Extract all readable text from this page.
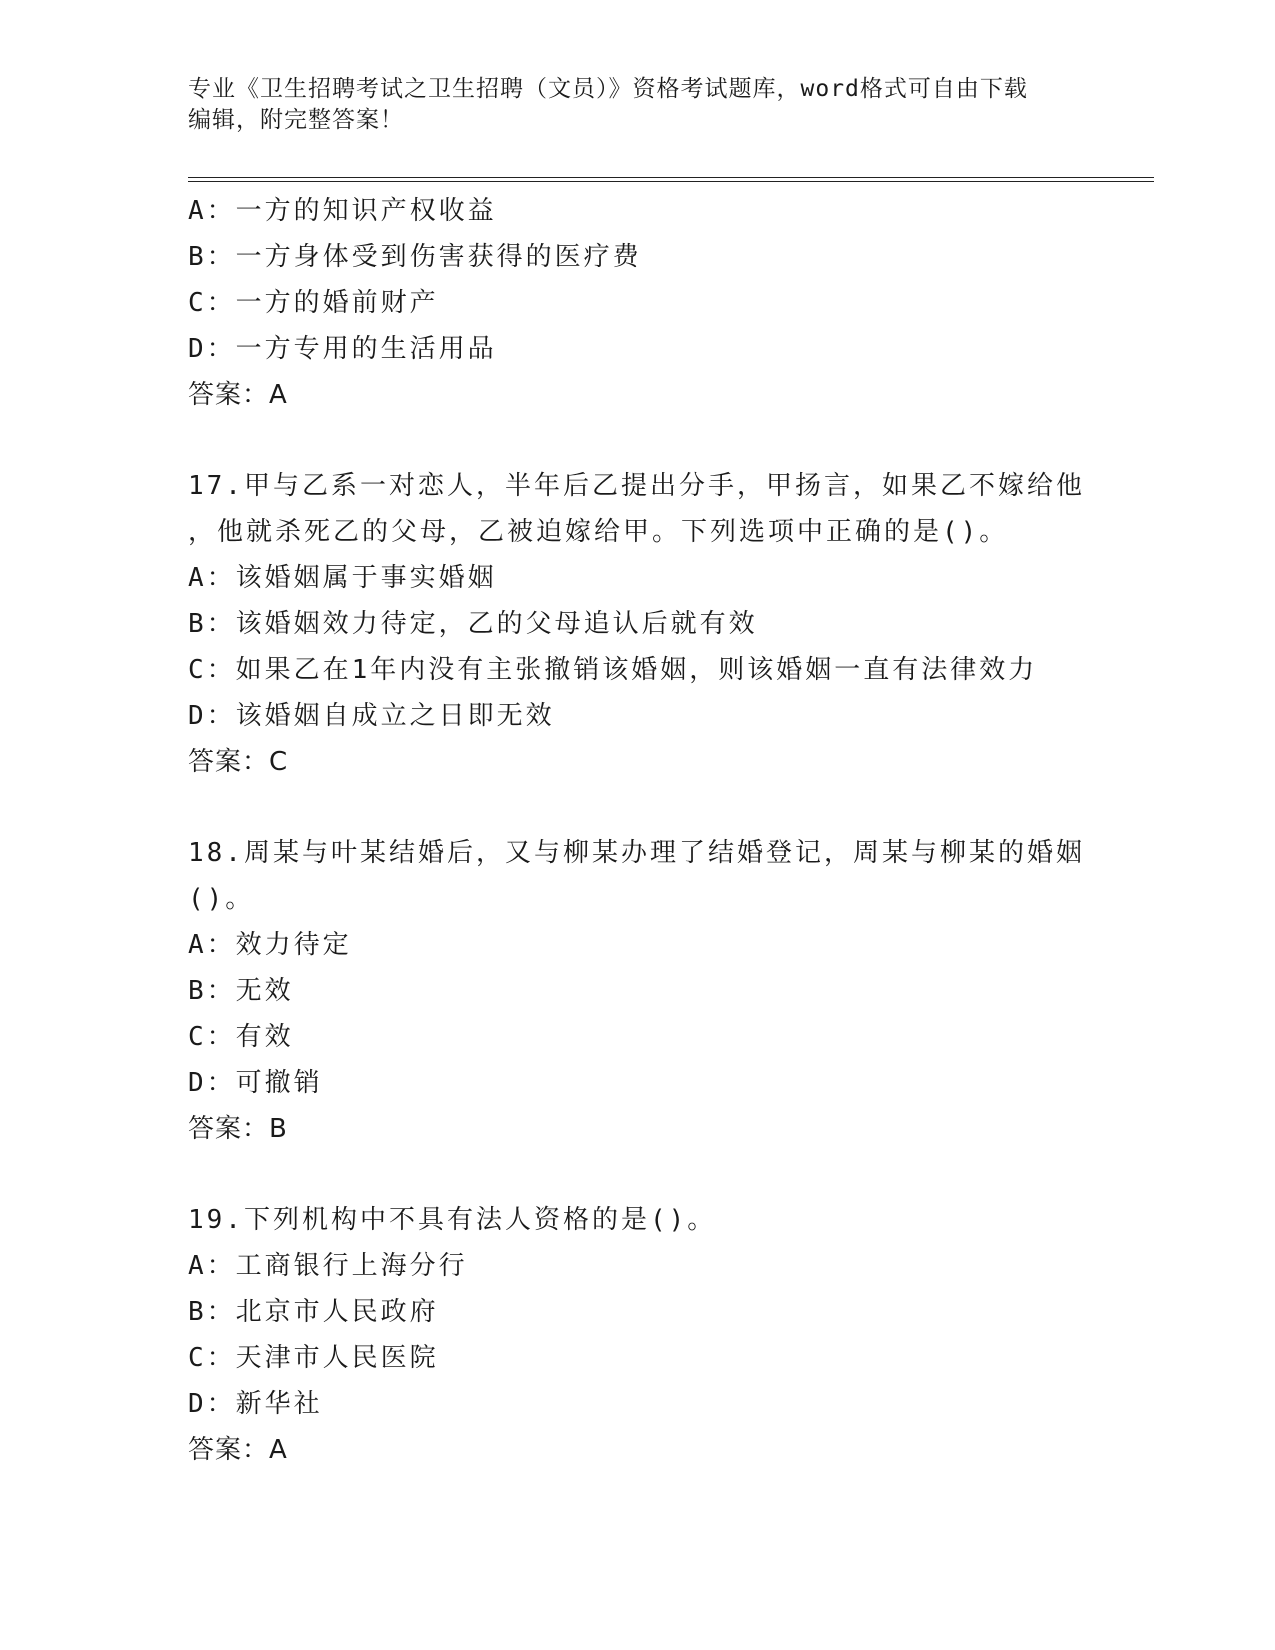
专业《卫生招聘考试之卫生招聘（文员）》资格考试题库，word格式可自由下载
编辑，附完整答案！
A：一方的知识产权收益
B：一方身体受到伤害获得的医疗费
C：一方的婚前财产
D：一方专用的生活用品
答案：A
17.甲与乙系一对恋人，半年后乙提出分手，甲扬言，如果乙不嫁给他
，他就杀死乙的父母，乙被迫嫁给甲。下列选项中正确的是()。
A：该婚姻属于事实婚姻
B：该婚姻效力待定，乙的父母追认后就有效
C：如果乙在1年内没有主张撤销该婚姻，则该婚姻一直有法律效力
D：该婚姻自成立之日即无效
答案：C
18.周某与叶某结婚后，又与柳某办理了结婚登记，周某与柳某的婚姻
()。
A：效力待定
B：无效
C：有效
D：可撤销
答案：B
19.下列机构中不具有法人资格的是()。
A：工商银行上海分行
B：北京市人民政府
C：天津市人民医院
D：新华社
答案：A
